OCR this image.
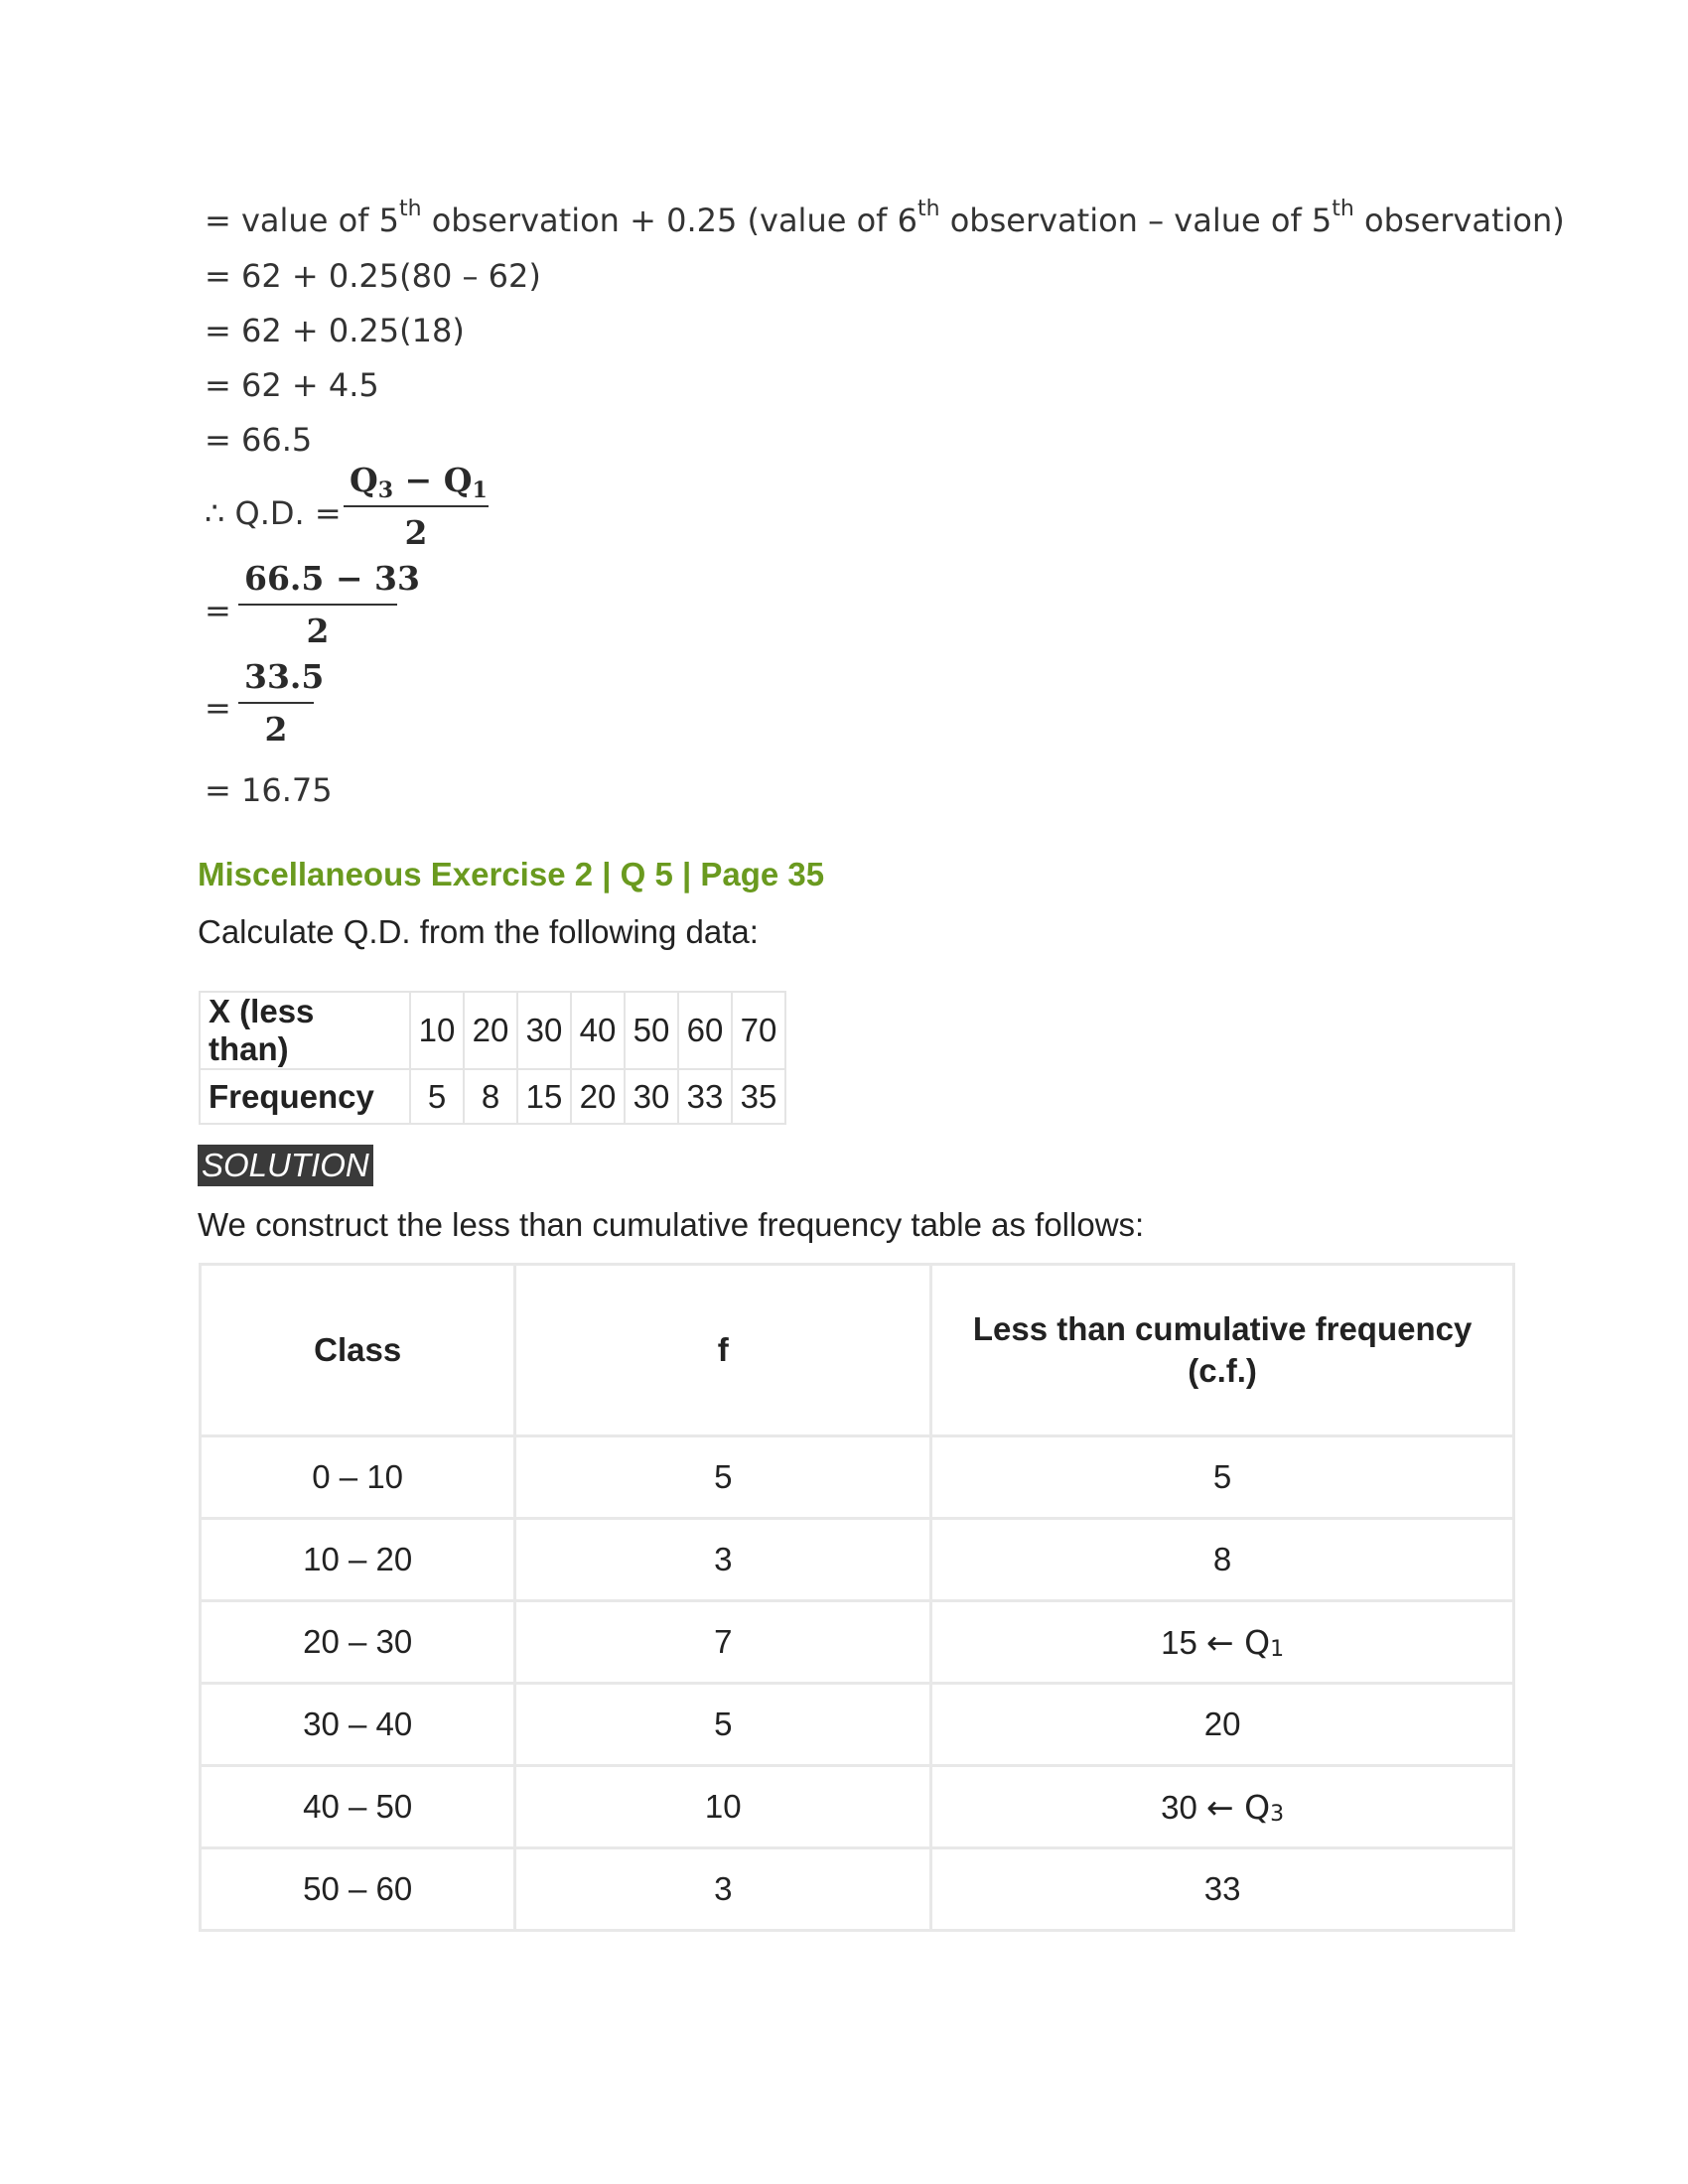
= value of 5th observation + 0.25 (value of 6th observation – value of 5th observation)
= 62 + 0.25(80 – 62)
= 62 + 0.25(18)
= 62 + 4.5
= 66.5
∴ Q.D. =
$Q_3 - Q_1$
2
=
66.5 − 33
2
=
33.5
2
= 16.75
Miscellaneous Exercise 2 | Q 5 | Page 35
Calculate Q.D. from the following data:
X (less than)	10	20	30	40	50	60	70
Frequency	5	8	15	20	30	33	35
SOLUTION
We construct the less than cumulative frequency table as follows:
Class	f	Less than cumulative frequency
(c.f.)

0 – 10	5	5
10 – 20	3	8
20 – 30	7	15 ← $Q_1$
30 – 40	5	20
40 – 50	10	30 ← $Q_3$
50 – 60	3	33
